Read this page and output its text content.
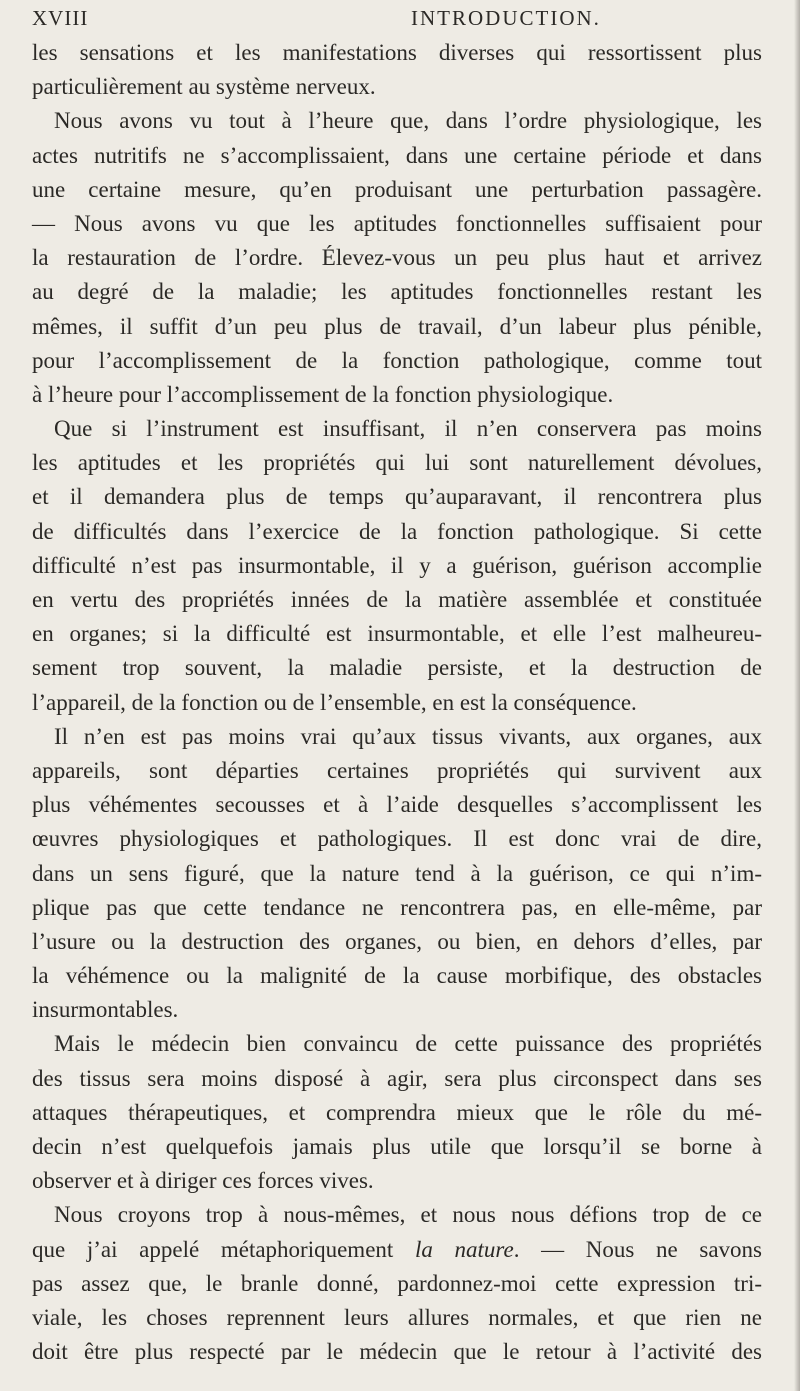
XVIII	INTRODUCTION.
les sensations et les manifestations diverses qui ressortissent plus
particulièrement au système nerveux.
Nous avons vu tout à l’heure que, dans l’ordre physiologique, les
actes nutritifs ne s’accomplissaient, dans une certaine période et dans
une certaine mesure, qu’en produisant une perturbation passagère.
— Nous avons vu que les aptitudes fonctionnelles suffisaient pour
la restauration de l’ordre. Élevez-vous un peu plus haut et arrivez
au degré de la maladie; les aptitudes fonctionnelles restant les
mêmes, il suffit d’un peu plus de travail, d’un labeur plus pénible,
pour l’accomplissement de la fonction pathologique, comme tout
à l’heure pour l’accomplissement de la fonction physiologique.
Que si l’instrument est insuffisant, il n’en conservera pas moins
les aptitudes et les propriétés qui lui sont naturellement dévolues,
et il demandera plus de temps qu’auparavant, il rencontrera plus
de difficultés dans l’exercice de la fonction pathologique. Si cette
difficulté n’est pas insurmontable, il y a guérison, guérison accomplie
en vertu des propriétés innées de la matière assemblée et constituée
en organes; si la difficulté est insurmontable, et elle l’est malheureu-
sement trop souvent, la maladie persiste, et la destruction de
l’appareil, de la fonction ou de l’ensemble, en est la conséquence.
Il n’en est pas moins vrai qu’aux tissus vivants, aux organes, aux
appareils, sont départies certaines propriétés qui survivent aux
plus véhémentes secousses et à l’aide desquelles s’accomplissent les
œuvres physiologiques et pathologiques. Il est donc vrai de dire,
dans un sens figuré, que la nature tend à la guérison, ce qui n’im-
plique pas que cette tendance ne rencontrera pas, en elle-même, par
l’usure ou la destruction des organes, ou bien, en dehors d’elles, par
la véhémence ou la malignité de la cause morbifique, des obstacles
insurmontables.
Mais le médecin bien convaincu de cette puissance des propriétés
des tissus sera moins disposé à agir, sera plus circonspect dans ses
attaques thérapeutiques, et comprendra mieux que le rôle du mé-
decin n’est quelquefois jamais plus utile que lorsqu’il se borne à
observer et à diriger ces forces vives.
Nous croyons trop à nous-mêmes, et nous nous défions trop de ce
que j’ai appelé métaphoriquement la nature. — Nous ne savons
pas assez que, le branle donné, pardonnez-moi cette expression tri-
viale, les choses reprennent leurs allures normales, et que rien ne
doit être plus respecté par le médecin que le retour à l’activité des
